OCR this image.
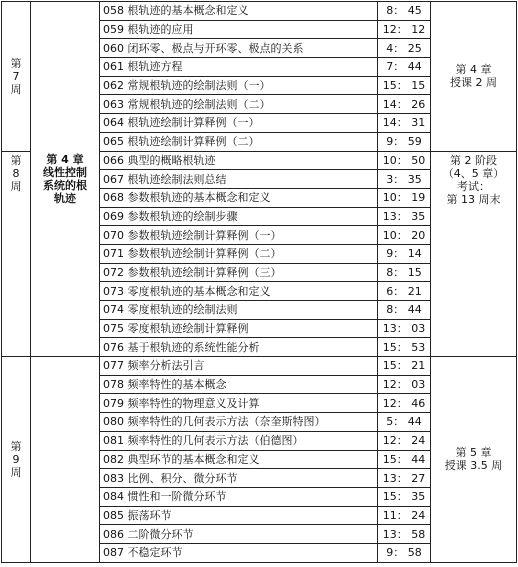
第
7
周	第 4 章
线性控制
系统的根
轨迹	058 根轨迹的基本概念和定义	8： 45	第 4 章
授课 2 周

		059 根轨迹的应用	12： 12	
		060 闭环零、极点与开环零、极点的关系	4： 25	
		061 根轨迹方程	7： 44	
		062 常规根轨迹的绘制法则（一）	15： 15	
		063 常规根轨迹的绘制法则（二）	14： 26	
		064 根轨迹绘制计算释例（一）	14： 31	
		065 根轨迹绘制计算释例（二）	9： 59	

第
8
周		066 典型的概略根轨迹	10： 50	第 2 阶段
（4、5 章）
考试：
第 13 周末

		067 根轨迹绘制法则总结	3： 35	
		068 参数根轨迹的基本概念和定义	10： 19	
		069 参数根轨迹的绘制步骤	13： 35	
		070 参数根轨迹绘制计算释例（一）	10： 20	
		071 参数根轨迹绘制计算释例（二）	9： 14	
		072 参数根轨迹绘制计算释例（三）	8： 15	
		073 零度根轨迹的基本概念和定义	6： 21	
		074 零度根轨迹的绘制法则	8： 44	
		075 零度根轨迹绘制计算释例	13： 03	
		076 基于根轨迹的系统性能分析	15： 53	

第
9
周		077 频率分析法引言	15： 21	第 5 章
授课 3.5 周

		078 频率特性的基本概念	12： 03	
		079 频率特性的物理意义及计算	12： 46	
		080 频率特性的几何表示方法（奈奎斯特图）	5： 44	
		081 频率特性的几何表示方法（伯德图）	12： 24	
		082 典型环节的基本概念和定义	15： 44	
		083 比例、积分、微分环节	13： 27	
		084 惯性和一阶微分环节	15： 35	
		085 振荡环节	11： 24	
		086 二阶微分环节	13： 58	
		087 不稳定环节	9： 58	
